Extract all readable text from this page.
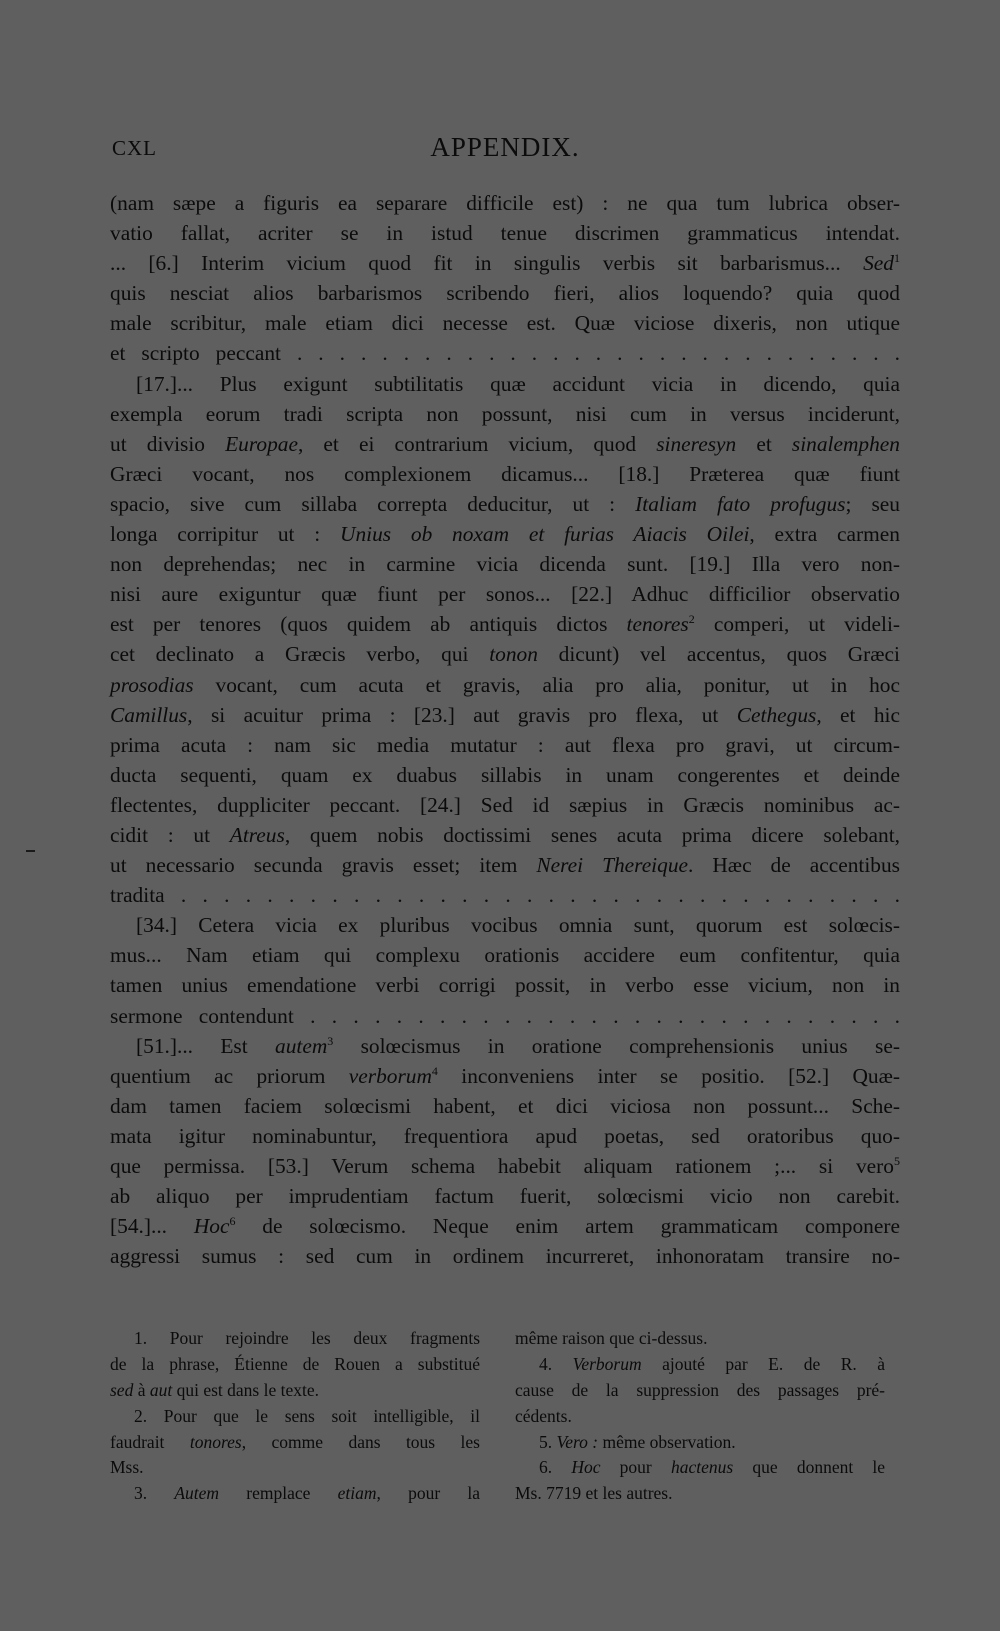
CXL	APPENDIX.
(nam sæpe a figuris ea separare difficile est) : ne qua tum lubrica obser-
vatio fallat, acriter se in istud tenue discrimen grammaticus intendat.
... [6.] Interim vicium quod fit in singulis verbis sit barbarismus... Sed$^1$
quis nesciat alios barbarismos scribendo fieri, alios loquendo? quia quod
male scribitur, male etiam dici necesse est. Quæ viciose dixeris, non utique
et scripto peccant . . . . . . . . . . . . . . . . . . . . . . . . . . . . .
[17.]... Plus exigunt subtilitatis quæ accidunt vicia in dicendo, quia
exempla eorum tradi scripta non possunt, nisi cum in versus inciderunt,
ut divisio Europae, et ei contrarium vicium, quod sineresyn et sinalemphen
Græci vocant, nos complexionem dicamus... [18.] Præterea quæ fiunt
spacio, sive cum sillaba correpta deducitur, ut : Italiam fato profugus; seu
longa corripitur ut : Unius ob noxam et furias Aiacis Oilei, extra carmen
non deprehendas; nec in carmine vicia dicenda sunt. [19.] Illa vero non-
nisi aure exiguntur quæ fiunt per sonos... [22.] Adhuc difficilior observatio
est per tenores (quos quidem ab antiquis dictos tenores$^2$ comperi, ut videli-
cet declinato a Græcis verbo, qui tonon dicunt) vel accentus, quos Græci
prosodias vocant, cum acuta et gravis, alia pro alia, ponitur, ut in hoc
Camillus, si acuitur prima : [23.] aut gravis pro flexa, ut Cethegus, et hic
prima acuta : nam sic media mutatur : aut flexa pro gravi, ut circum-
ducta sequenti, quam ex duabus sillabis in unam congerentes et deinde
flectentes, duppliciter peccant. [24.] Sed id sæpius in Græcis nominibus ac-
cidit : ut Atreus, quem nobis doctissimi senes acuta prima dicere solebant,
ut necessario secunda gravis esset; item Nerei Thereique. Hæc de accentibus
tradita . . . . . . . . . . . . . . . . . . . . . . . . . . . . . . . . . .
[34.] Cetera vicia ex pluribus vocibus omnia sunt, quorum est solœcis-
mus... Nam etiam qui complexu orationis accidere eum confitentur, quia
tamen unius emendatione verbi corrigi possit, in verbo esse vicium, non in
sermone contendunt . . . . . . . . . . . . . . . . . . . . . . . . . . . .
[51.]... Est autem$^3$ solœcismus in oratione comprehensionis unius se-
quentium ac priorum verborum$^4$ inconveniens inter se positio. [52.] Quæ-
dam tamen faciem solœcismi habent, et dici viciosa non possunt... Sche-
mata igitur nominabuntur, frequentiora apud poetas, sed oratoribus quo-
que permissa. [53.] Verum schema habebit aliquam rationem ;... si vero$^5$
ab aliquo per imprudentiam factum fuerit, solœcismi vicio non carebit.
[54.]... Hoc$^6$ de solœcismo. Neque enim artem grammaticam componere
aggressi sumus : sed cum in ordinem incurreret, inhonoratam transire no-
1. Pour rejoindre les deux fragments
de la phrase, Étienne de Rouen a substitué
sed à aut qui est dans le texte.
2. Pour que le sens soit intelligible, il
faudrait tonores, comme dans tous les
Mss.
3. Autem remplace etiam, pour la
même raison que ci-dessus.
4. Verborum ajouté par E. de R. à
cause de la suppression des passages pré-
cédents.
5. Vero : même observation.
6. Hoc pour hactenus que donnent le
Ms. 7719 et les autres.
